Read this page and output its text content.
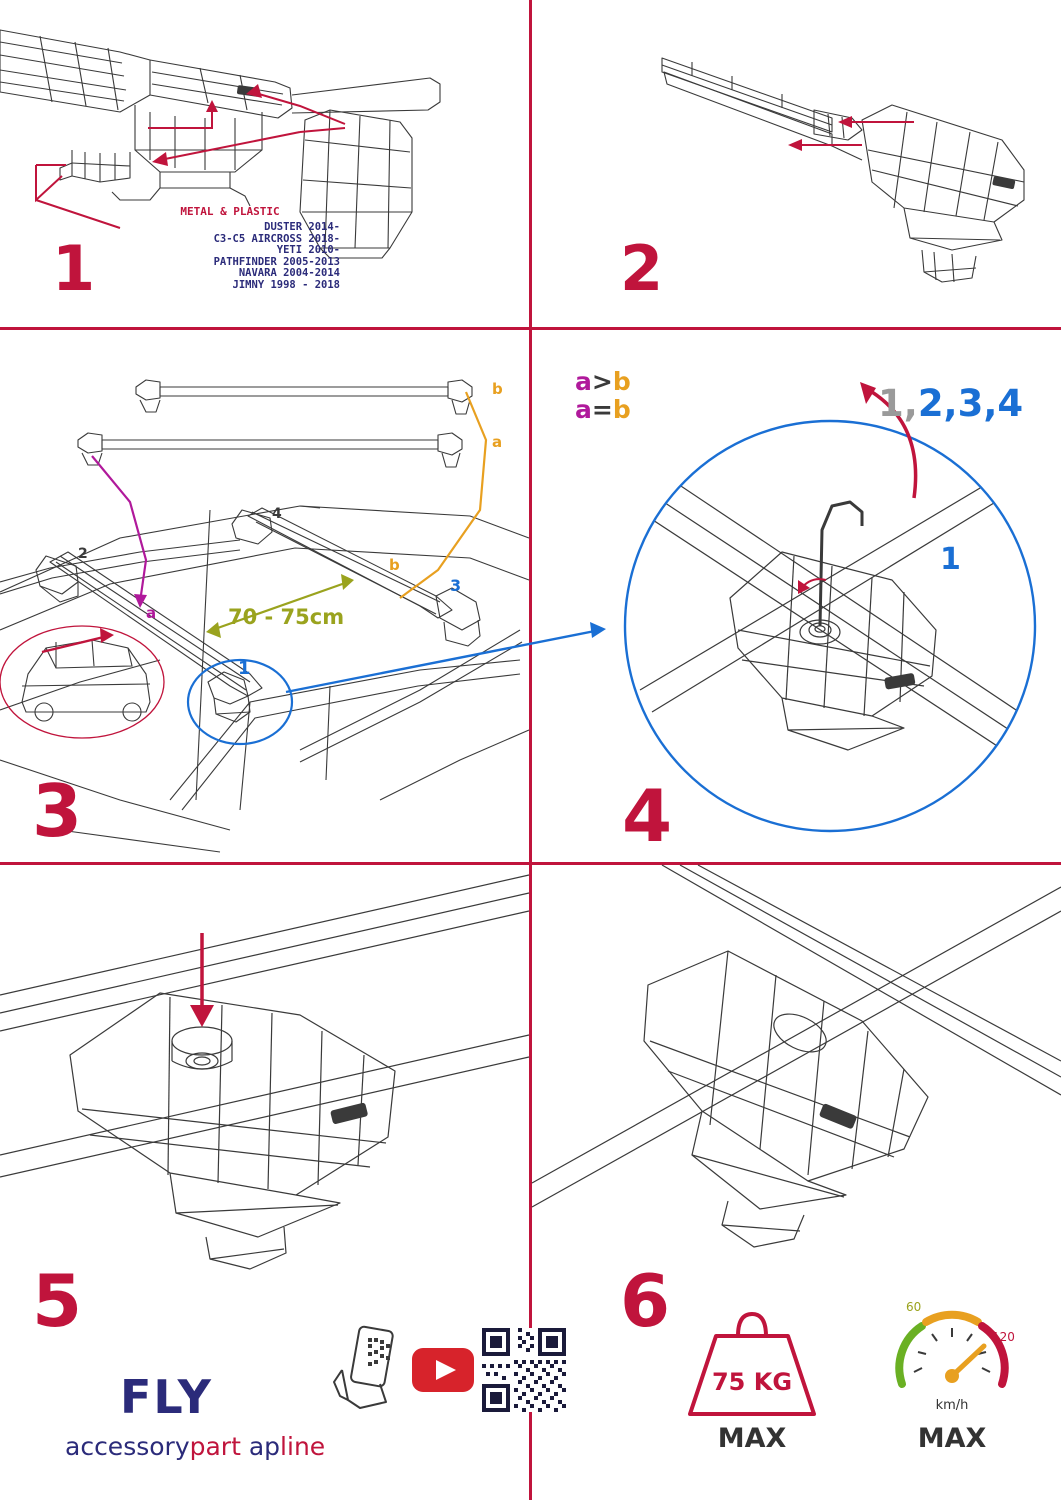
METAL & PLASTIC
DUSTER 2014-
C3-C5 AIRCROSS 2018-
YETI 2010-
PATHFINDER 2005-2013
NAVARA 2004-2014
JIMNY 1998 - 2018
1	2
b
a
a
b
2
4
3
1
3
70 - 75cm
a>b
a=b
1
4
1,2,3,4
5	6
FLY
accessorypart apline
75 KG
MAX
60
120
km/h
MAX
